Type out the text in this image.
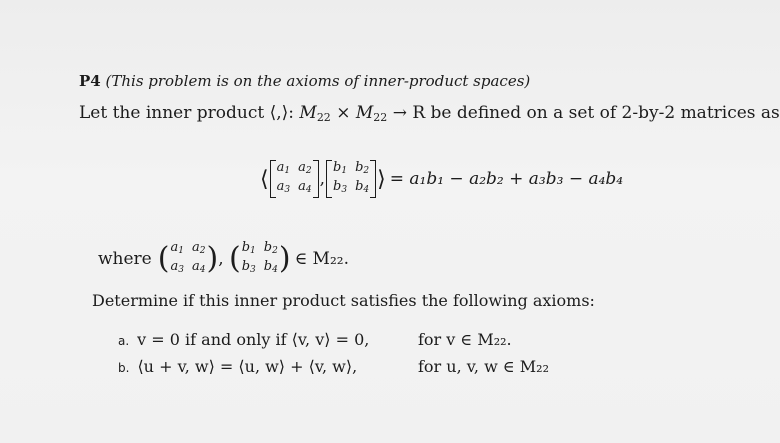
P4 (This problem is on the axioms of inner-product spaces)
Let the inner product ⟨,⟩: $M_{22} \times M_{22} \to R$ be defined on a set of 2-by-2 matrices as
⟨ $a_1$ $a_2$
$a_3$ $a_4$
,
$b_1$ $b_2$
$b_3$ $b_4$ ⟩ = a₁b₁ − a₂b₂ + a₃b₃ − a₄b₄
where ( $a_1$ $a_2$
$a_3$ $a_4$ ) , ( $b_1$ $b_2$
$b_3$ $b_4$ ) ∈ M₂₂.
Determine if this inner product satisfies the following axioms:
a. v = 0 if and only if ⟨v, v⟩ = 0,	for v ∈ M₂₂.
b. ⟨u + v, w⟩ = ⟨u, w⟩ + ⟨v, w⟩,	for u, v, w ∈ M₂₂
